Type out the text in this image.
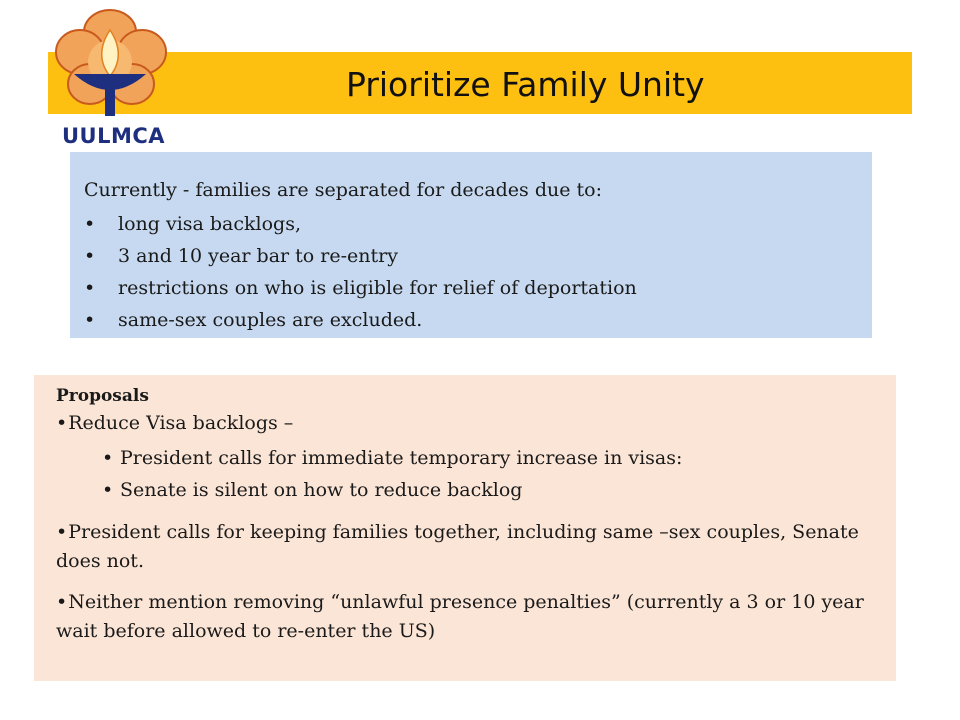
UULMCA
Prioritize Family Unity
Currently - families are separated for decades due to:
• long visa backlogs,
• 3 and 10 year bar to re-entry
• restrictions on who is eligible for relief of deportation
• same-sex couples are excluded.
Proposals
•Reduce Visa backlogs –
• President calls for immediate temporary increase in visas:
• Senate is silent on how to reduce backlog
•President calls for keeping families together, including same –sex couples, Senate does not.
•Neither mention removing “unlawful presence penalties” (currently a 3 or 10 year wait before allowed to re-enter the US)
